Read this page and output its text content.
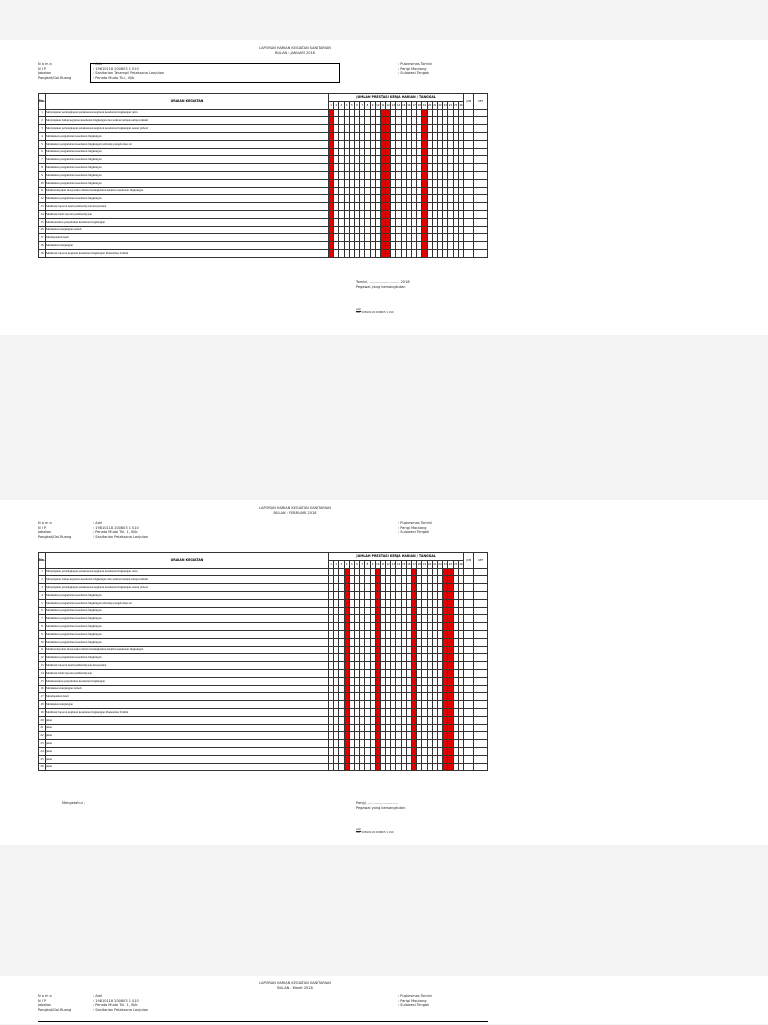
LAPORAN HARIAN KEGIATAN SANITARIAN
BULAN : JANUARI 2018
N a m a	: Adri
N I P	: 19810118 200803 1 010
Jabatan	: Sanitarian Terampil Pelaksana Lanjutan
Pangkat/Gol.Ruang	: Penata Muda Tk.I, III/b
: Puskesmas Tomini
: Parigi Moutong
: Sulawesi Tengah
No.	URAIAN KEGIATAN	JUMLAH PRESTASI KERJA HARIAN / TANGGAL																										JUM	KET
		1	2	3	4	5	6	7	8	9	10	11	12	13	14	15	16	17	18	19	20	21	22	23	24	25	26		
1	Menyiapkan perlengkapan pelaksanaan kegiatan kesehatan lingkungan rutin																												
2	Menyiapkan bahan kegiatan kesehatan lingkungan dan sanitasi tempat-tempat umum																												
3	Menyiapkan perlengkapan pelaksanaan kegiatan kesehatan lingkungan sesuai jadwal																												
4	Melakukan pengamatan kesehatan lingkungan																												
5	Melakukan pengamatan kesehatan lingkungan terhadap pengelolaan air																												
6	Melakukan pengamatan kesehatan lingkungan																												
7	Melakukan pengamatan kesehatan lingkungan																												
8	Melakukan pengamatan kesehatan lingkungan																												
9	Melakukan pengamatan kesehatan lingkungan																												
10	Melakukan pengamatan kesehatan lingkungan																												
11	Memberdayakan masyarakat dalam meningkatkan kualitas kesehatan lingkungan																												
12	Melakukan pengamatan kesehatan lingkungan																												
13	Membuat laporan hasil pemberdayaan masyarakat																												
14	Membuat hasil laporan pemberdayaan																												
15	Melaksanakan penyuluhan kesehatan lingkungan																												
16	Melakukan kunjungan rumah																												
17	Mendapatkan hasil																												
18	Melakukan kunjungan																												
19	Membuat laporan kegiatan kesehatan lingkungan Puskesmas Tomini																												
Tomini, ........................... 2018
Pegawai yang bersangkutan
Adri
NIP. 19810118 200803 1 010
LAPORAN HARIAN KEGIATAN SANITARIAN
BULAN : FEBRUARI 2018
N a m a	: Adri
N I P	: 19810118 200803 1 010
Jabatan	: Penata Muda Tkl. 1, III/b
Pangkat/Gol.Ruang	: Sanitarian Pelaksana Lanjutan
: Puskesmas Tomini
: Parigi Moutong
: Sulawesi Tengah
No.	URAIAN KEGIATAN	JUMLAH PRESTASI KERJA HARIAN / TANGGAL																										JUM	KET
		1	2	3	4	5	6	7	8	9	10	11	12	13	14	15	16	17	18	19	20	21	22	23	24	25	26		
1	Menyiapkan perlengkapan pelaksanaan kegiatan kesehatan lingkungan rutin																												
2	Menyiapkan bahan kegiatan kesehatan lingkungan dan sanitasi tempat-tempat umum																												
3	Menyiapkan perlengkapan pelaksanaan kegiatan kesehatan lingkungan sesuai jadwal																												
4	Melakukan pengamatan kesehatan lingkungan																												
5	Melakukan pengamatan kesehatan lingkungan terhadap pengelolaan air																												
6	Melakukan pengamatan kesehatan lingkungan																												
7	Melakukan pengamatan kesehatan lingkungan																												
8	Melakukan pengamatan kesehatan lingkungan																												
9	Melakukan pengamatan kesehatan lingkungan																												
10	Melakukan pengamatan kesehatan lingkungan																												
11	Memberdayakan masyarakat dalam meningkatkan kualitas kesehatan lingkungan																												
12	Melakukan pengamatan kesehatan lingkungan																												
13	Membuat laporan hasil pemberdayaan masyarakat																												
14	Membuat hasil laporan pemberdayaan																												
15	Melaksanakan penyuluhan kesehatan lingkungan																												
16	Melakukan kunjungan rumah																												
17	Mendapatkan hasil																												
18	Melakukan kunjungan																												
19	Membuat laporan kegiatan kesehatan lingkungan Puskesmas Tomini																												
20	piket																												
21	piket																												
22	piket																												
23	piket																												
24	piket																												
25	piket																												
26	piket																												
Mengetahui :	Parigi, ...........................
Pegawai yang bersangkutan
Adri
NIP. 19810118 200803 1 010
LAPORAN HARIAN KEGIATAN SANITARIAN
BULAN : Maret 2018
N a m a	: Adri
N I P	: 19810118 200803 1 010
Jabatan	: Penata Muda Tkl. 1, III/b
Pangkat/Gol.Ruang	: Sanitarian Pelaksana Lanjutan
: Puskesmas Tomini
: Parigi Moutong
: Sulawesi Tengah
